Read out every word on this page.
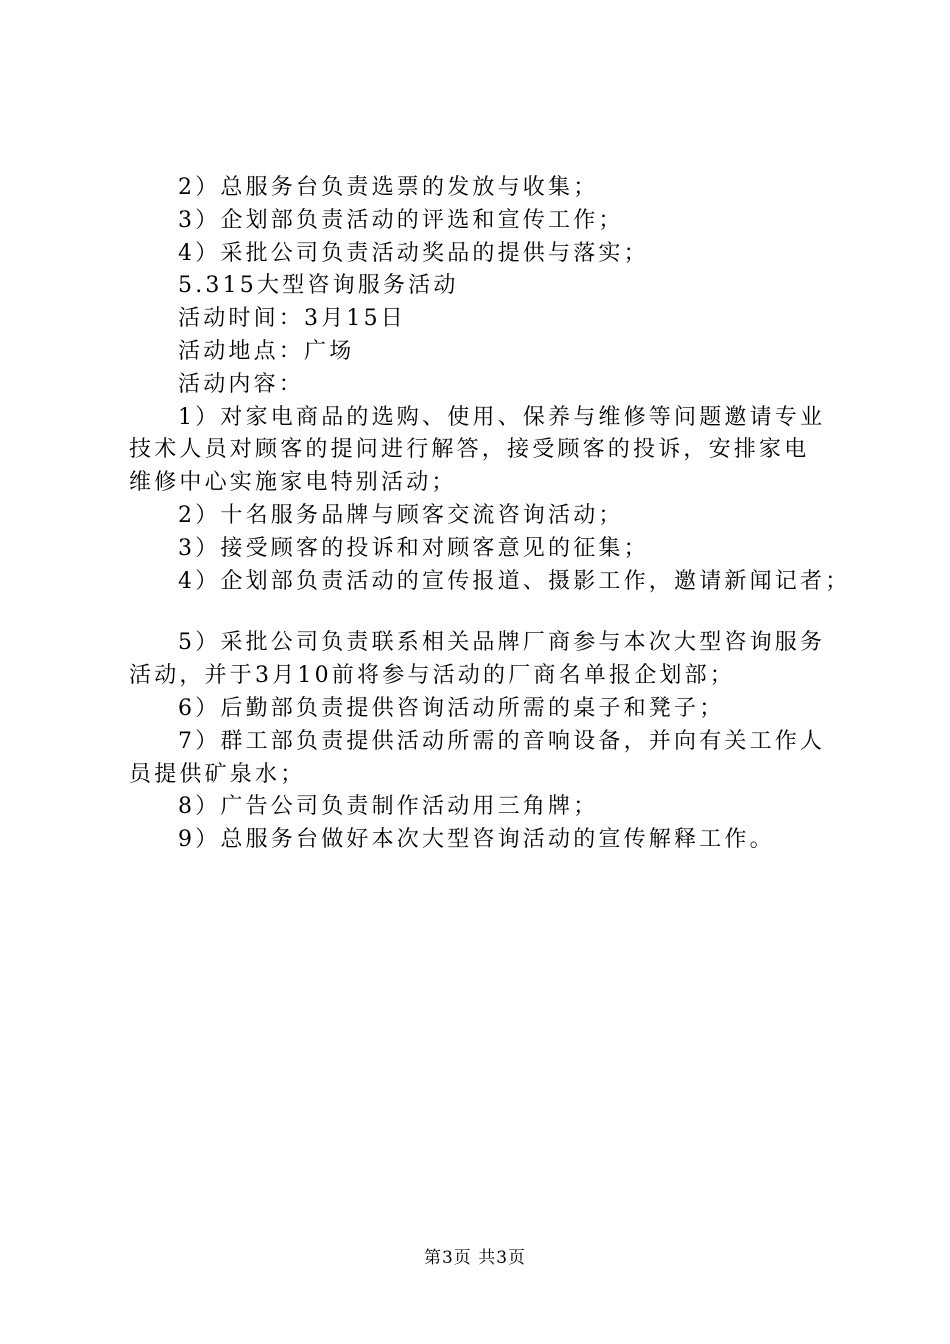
2）总服务台负责选票的发放与收集；

3）企划部负责活动的评选和宣传工作；

4）采批公司负责活动奖品的提供与落实；

5.315大型咨询服务活动

活动时间：3月15日

活动地点：广场

活动内容：

1）对家电商品的选购、使用、保养与维修等问题邀请专业

技术人员对顾客的提问进行解答，接受顾客的投诉，安排家电

维修中心实施家电特别活动；

2）十名服务品牌与顾客交流咨询活动；

3）接受顾客的投诉和对顾客意见的征集；

4）企划部负责活动的宣传报道、摄影工作，邀请新闻记者；

5）采批公司负责联系相关品牌厂商参与本次大型咨询服务

活动，并于3月10前将参与活动的厂商名单报企划部；

6）后勤部负责提供咨询活动所需的桌子和凳子；

7）群工部负责提供活动所需的音响设备，并向有关工作人

员提供矿泉水；

8）广告公司负责制作活动用三角牌；

9）总服务台做好本次大型咨询活动的宣传解释工作。

第3页 共3页
